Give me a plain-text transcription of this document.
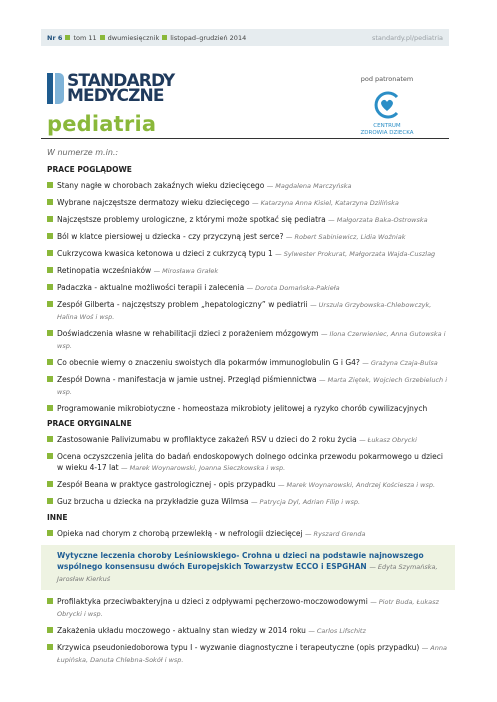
Nr 6 tom 11 dwumiesięcznik listopad–grudzień 2014	standardy.pl/pediatria
STANDARDY
MEDYCZNE
pediatria
pod patronatem
CENTRUM
ZDROWIA DZIECKA
W numerze m.in.:
PRACE POGLĄDOWE
Stany nagłe w chorobach zakaźnych wieku dziecięcego — Magdalena Marczyńska
Wybrane najczęstsze dermatozy wieku dziecięcego — Katarzyna Anna Kisiel, Katarzyna Dzilińska
Najczęstsze problemy urologiczne, z którymi może spotkać się pediatra — Małgorzata Baka-Ostrowska
Ból w klatce piersiowej u dziecka - czy przyczyną jest serce? — Robert Sabiniewicz, Lidia Woźniak
Cukrzycowa kwasica ketonowa u dzieci z cukrzycą typu 1 — Sylwester Prokurat, Małgorzata Wajda-Cuszlag
Retinopatia wcześniaków — Mirosława Grałek
Padaczka - aktualne możliwości terapii i zalecenia — Dorota Domańska-Pakieła
Zespół Gilberta - najczęstszy problem „hepatologiczny” w pediatrii — Urszula Grzybowska-Chlebowczyk, Halina Woś i wsp.
Doświadczenia własne w rehabilitacji dzieci z porażeniem mózgowym — Ilona Czerwieniec, Anna Gutowska i wsp.
Co obecnie wiemy o znaczeniu swoistych dla pokarmów immunoglobulin G i G4? — Grażyna Czaja-Bulsa
Zespół Downa - manifestacja w jamie ustnej. Przegląd piśmiennictwa — Marta Ziętek, Wojciech Grzebieluch i wsp.
Programowanie mikrobiotyczne - homeostaza mikrobioty jelitowej a ryzyko chorób cywilizacyjnych
PRACE ORYGINALNE
Zastosowanie Palivizumabu w profilaktyce zakażeń RSV u dzieci do 2 roku życia — Łukasz Obrycki
Ocena oczyszczenia jelita do badań endoskopowych dolnego odcinka przewodu pokarmowego u dzieci w wieku 4-17 lat — Marek Woynarowski, Joanna Sieczkowska i wsp.
Zespół Beana w praktyce gastrologicznej - opis przypadku — Marek Woynarowski, Andrzej Kościesza i wsp.
Guz brzucha u dziecka na przykładzie guza Wilmsa — Patrycja Dyl, Adrian Filip i wsp.
INNE
Opieka nad chorym z chorobą przewlekłą - w nefrologii dziecięcej — Ryszard Grenda
Wytyczne leczenia choroby Leśniowskiego- Crohna u dzieci na podstawie najnowszego wspólnego konsensusu dwóch Europejskich Towarzystw ECCO i ESPGHAN — Edyta Szymańska, Jarosław Kierkuś
Profilaktyka przeciwbakteryjna u dzieci z odpływami pęcherzowo-moczowodowymi — Piotr Buda, Łukasz Obrycki i wsp.
Zakażenia układu moczowego - aktualny stan wiedzy w 2014 roku — Carlos Lifschitz
Krzywica pseudoniedoborowa typu I - wyzwanie diagnostyczne i terapeutyczne (opis przypadku) — Anna Łupińska, Danuta Chlebna-Sokół i wsp.
